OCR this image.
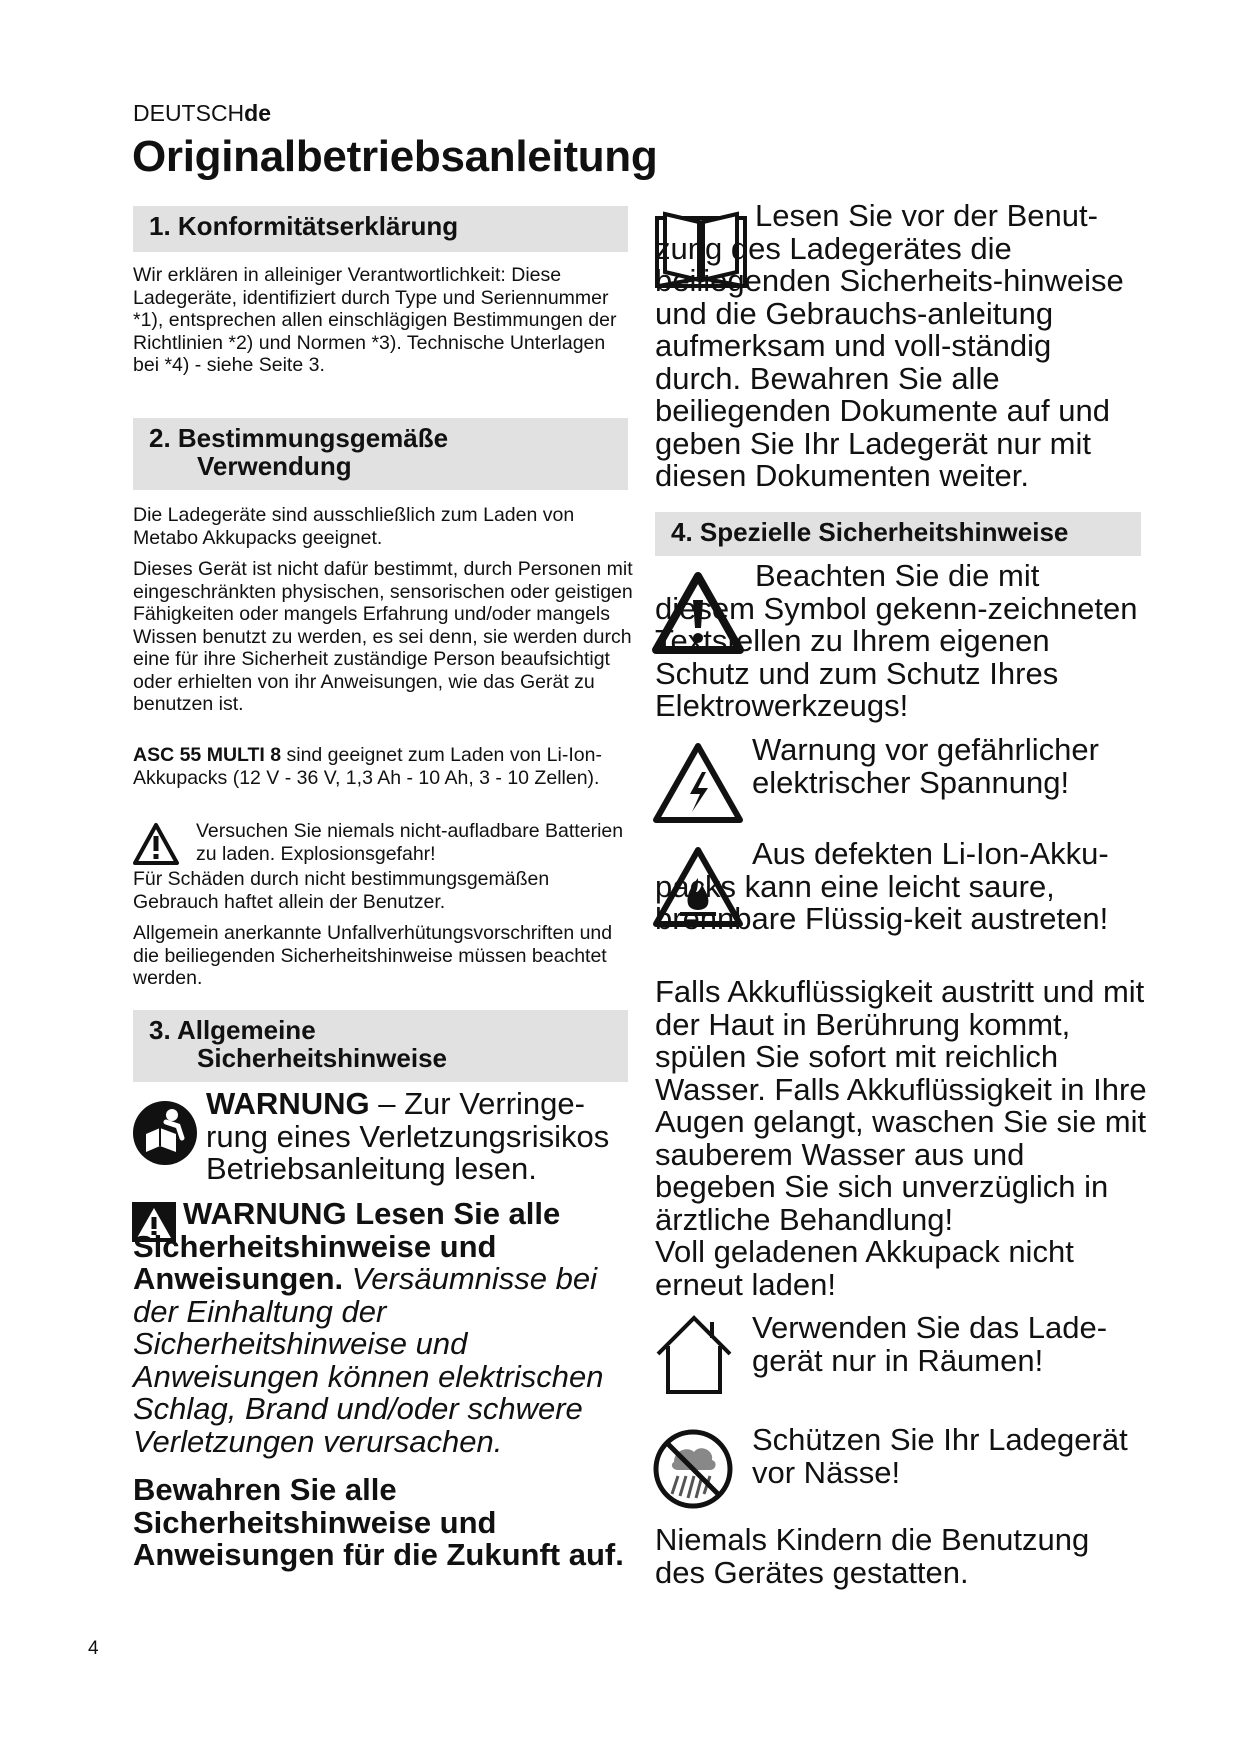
DEUTSCHde
Originalbetriebsanleitung
1. Konformitätserklärung

Wir erklären in alleiniger Verantwortlichkeit: Diese Ladegeräte, identifiziert durch Type und Seriennummer *1), entsprechen allen einschlägigen Bestimmungen der Richtlinien *2) und Normen *3). Technische Unterlagen bei *4) - siehe Seite 3.

2. Bestimmungsgemäße
Verwendung

Die Ladegeräte sind ausschließlich zum Laden von Metabo Akkupacks geeignet.

Dieses Gerät ist nicht dafür bestimmt, durch Personen mit eingeschränkten physischen, sensorischen oder geistigen Fähigkeiten oder mangels Erfahrung und/oder mangels Wissen benutzt zu werden, es sei denn, sie werden durch eine für ihre Sicherheit zuständige Person beaufsichtigt oder erhielten von ihr Anweisungen, wie das Gerät zu benutzen ist.

ASC 55 MULTI 8 sind geeignet zum Laden von Li-Ion-Akkupacks (12 V - 36 V, 1,3 Ah - 10 Ah, 3 - 10 Zellen).

Versuchen Sie niemals nicht-aufladbare Batterien zu laden. Explosionsgefahr!

Für Schäden durch nicht bestimmungsgemäßen Gebrauch haftet allein der Benutzer.

Allgemein anerkannte Unfallverhütungsvorschriften und die beiliegenden Sicherheitshinweise müssen beachtet werden.

3. Allgemeine
Sicherheitshinweise

WARNUNG – Zur Verringe-rung eines Verletzungsrisikos Betriebsanleitung lesen.

WARNUNG Lesen Sie alle Sicherheitshinweise und Anweisungen. Versäumnisse bei der Einhaltung der Sicherheitshinweise und Anweisungen können elektrischen Schlag, Brand und/oder schwere Verletzungen verursachen.

Bewahren Sie alle Sicherheitshinweise und Anweisungen für die Zukunft auf.

Lesen Sie vor der Benut-zung des Ladegerätes die beiliegenden Sicherheits-hinweise und die Gebrauchs-anleitung aufmerksam und voll-ständig durch. Bewahren Sie alle beiliegenden Dokumente auf und geben Sie Ihr Ladegerät nur mit diesen Dokumenten weiter.

4. Spezielle Sicherheitshinweise

Beachten Sie die mit diesem Symbol gekenn-zeichneten Textstellen zu Ihrem eigenen Schutz und zum Schutz Ihres Elektrowerkzeugs!

Warnung vor gefährlicher elektrischer Spannung!

Aus defekten Li-Ion-Akku-packs kann eine leicht saure, brennbare Flüssig-keit austreten!

Falls Akkuflüssigkeit austritt und mit der Haut in Berührung kommt, spülen Sie sofort mit reichlich Wasser. Falls Akkuflüssigkeit in Ihre Augen gelangt, waschen Sie sie mit sauberem Wasser aus und begeben Sie sich unverzüglich in ärztliche Behandlung!

Voll geladenen Akkupack nicht erneut laden!

Verwenden Sie das Lade-gerät nur in Räumen!

Schützen Sie Ihr Ladegerät vor Nässe!

Niemals Kindern die Benutzung des Gerätes gestatten.

4
